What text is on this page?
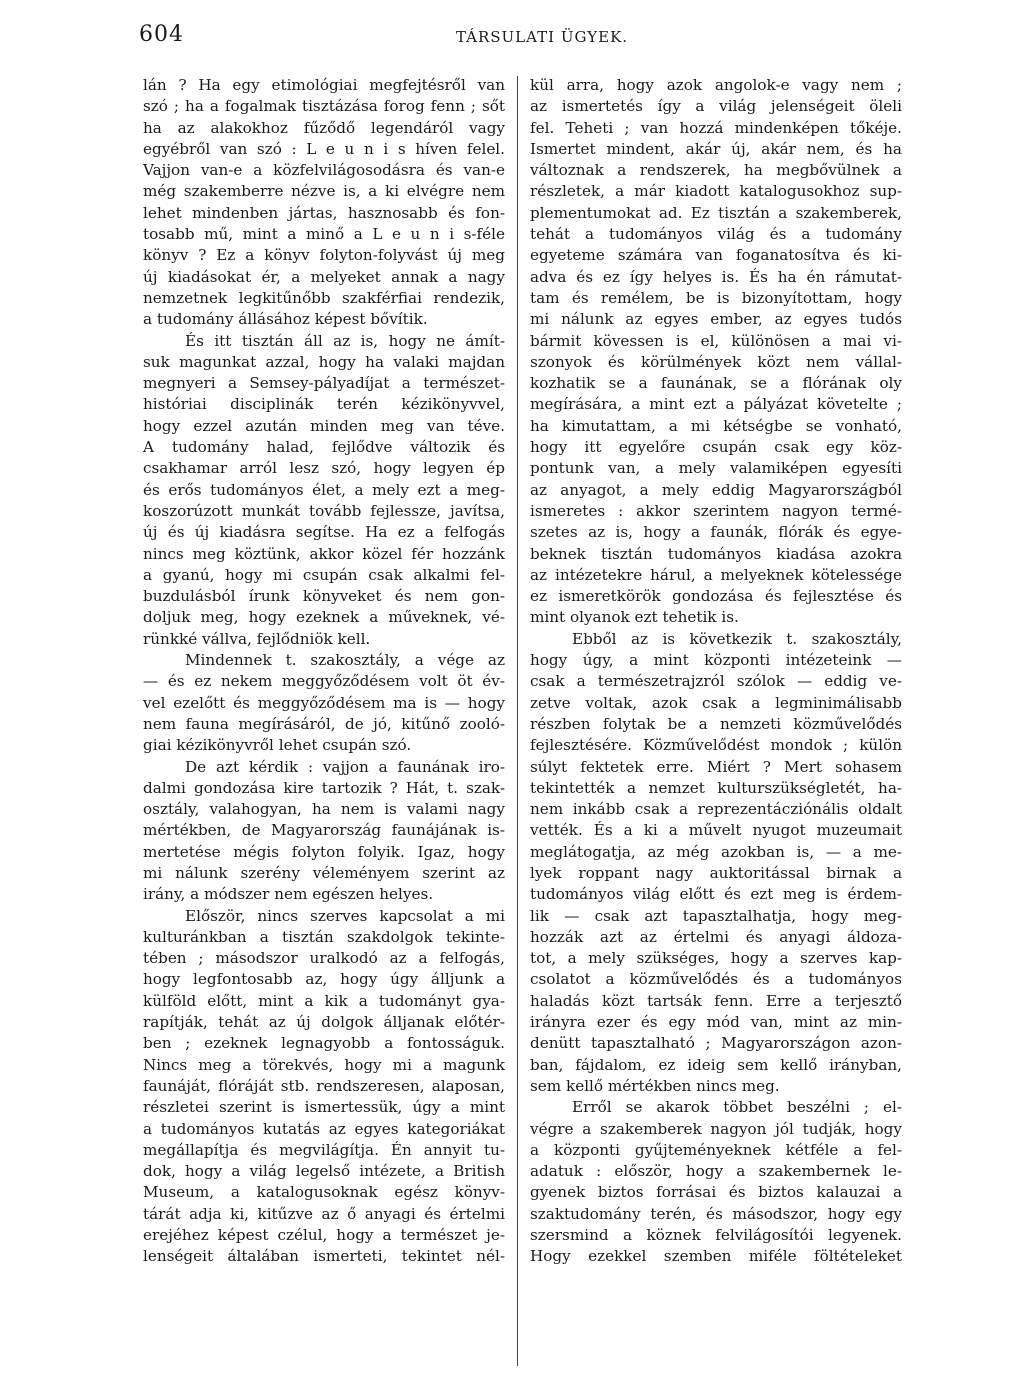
604	TÁRSULATI ÜGYEK.
lán ? Ha egy etimológiai megfejtésről van
szó ; ha a fogalmak tisztázása forog fenn ; sőt
ha az alakokhoz fűződő legendáról vagy
egyébről van szó : L e u n i s híven felel.
Vajjon van-e a közfelvilágosodásra és van-e
még szakemberre nézve is, a ki elvégre nem
lehet mindenben jártas, hasznosabb és fon-
tosabb mű, mint a minő a L e u n i s-féle
könyv ? Ez a könyv folyton-folyvást új meg
új kiadásokat ér, a melyeket annak a nagy
nemzetnek legkitűnőbb szakférfiai rendezik,
a tudomány állásához képest bővítik.
És itt tisztán áll az is, hogy ne ámít-
suk magunkat azzal, hogy ha valaki majdan
megnyeri a Semsey-pályadíjat a természet-
históriai disciplinák terén kézikönyvvel,
hogy ezzel azután minden meg van téve.
A tudomány halad, fejlődve változik és
csakhamar arról lesz szó, hogy legyen ép
és erős tudományos élet, a mely ezt a meg-
koszorúzott munkát tovább fejlessze, javítsa,
új és új kiadásra segítse. Ha ez a felfogás
nincs meg köztünk, akkor közel fér hozzánk
a gyanú, hogy mi csupán csak alkalmi fel-
buzdulásból írunk könyveket és nem gon-
doljuk meg, hogy ezeknek a műveknek, vé-
rünkké vállva, fejlődniök kell.
Mindennek t. szakosztály, a vége az
— és ez nekem meggyőződésem volt öt év-
vel ezelőtt és meggyőződésem ma is — hogy
nem fauna megírásáról, de jó, kitűnő zooló-
giai kézikönyvről lehet csupán szó.
De azt kérdik : vajjon a faunának iro-
dalmi gondozása kire tartozik ? Hát, t. szak-
osztály, valahogyan, ha nem is valami nagy
mértékben, de Magyarország faunájának is-
mertetése mégis folyton folyik. Igaz, hogy
mi nálunk szerény véleményem szerint az
irány, a módszer nem egészen helyes.
Először, nincs szerves kapcsolat a mi
kulturánkban a tisztán szakdolgok tekinte-
tében ; másodszor uralkodó az a felfogás,
hogy legfontosabb az, hogy úgy álljunk a
külföld előtt, mint a kik a tudományt gya-
rapítják, tehát az új dolgok álljanak előtér-
ben ; ezeknek legnagyobb a fontosságuk.
Nincs meg a törekvés, hogy mi a magunk
faunáját, flóráját stb. rendszeresen, alaposan,
részletei szerint is ismertessük, úgy a mint
a tudományos kutatás az egyes kategoriákat
megállapítja és megvilágítja. Én annyit tu-
dok, hogy a világ legelső intézete, a British
Museum, a katalogusoknak egész könyv-
tárát adja ki, kitűzve az ő anyagi és értelmi
erejéhez képest czélul, hogy a természet je-
lenségeit általában ismerteti, tekintet nél-
kül arra, hogy azok angolok-e vagy nem ;
az ismertetés így a világ jelenségeit öleli
fel. Teheti ; van hozzá mindenképen tőkéje.
Ismertet mindent, akár új, akár nem, és ha
változnak a rendszerek, ha megbővülnek a
részletek, a már kiadott katalogusokhoz sup-
plementumokat ad. Ez tisztán a szakemberek,
tehát a tudományos világ és a tudomány
egyeteme számára van foganatosítva és ki-
adva és ez így helyes is. És ha én rámutat-
tam és remélem, be is bizonyítottam, hogy
mi nálunk az egyes ember, az egyes tudós
bármit kövessen is el, különösen a mai vi-
szonyok és körülmények közt nem vállal-
kozhatik se a faunának, se a flórának oly
megírására, a mint ezt a pályázat követelte ;
ha kimutattam, a mi kétségbe se vonható,
hogy itt egyelőre csupán csak egy köz-
pontunk van, a mely valamiképen egyesíti
az anyagot, a mely eddig Magyarországból
ismeretes : akkor szerintem nagyon termé-
szetes az is, hogy a faunák, flórák és egye-
beknek tisztán tudományos kiadása azokra
az intézetekre hárul, a melyeknek kötelessége
ez ismeretkörök gondozása és fejlesztése és
mint olyanok ezt tehetik is.
Ebből az is következik t. szakosztály,
hogy úgy, a mint központi intézeteink —
csak a természetrajzról szólok — eddig ve-
zetve voltak, azok csak a legminimálisabb
részben folytak be a nemzeti közművelődés
fejlesztésére. Közművelődést mondok ; külön
súlyt fektetek erre. Miért ? Mert sohasem
tekintették a nemzet kulturszükségletét, ha-
nem inkább csak a reprezentácziónális oldalt
vették. És a ki a művelt nyugot muzeumait
meglátogatja, az még azokban is, — a me-
lyek roppant nagy auktoritással birnak a
tudományos világ előtt és ezt meg is érdem-
lik — csak azt tapasztalhatja, hogy meg-
hozzák azt az értelmi és anyagi áldoza-
tot, a mely szükséges, hogy a szerves kap-
csolatot a közművelődés és a tudományos
haladás közt tartsák fenn. Erre a terjesztő
irányra ezer és egy mód van, mint az min-
denütt tapasztalható ; Magyarországon azon-
ban, fájdalom, ez ideig sem kellő irányban,
sem kellő mértékben nincs meg.
Erről se akarok többet beszélni ; el-
végre a szakemberek nagyon jól tudják, hogy
a központi gyűjteményeknek kétféle a fel-
adatuk : először, hogy a szakembernek le-
gyenek biztos forrásai és biztos kalauzai a
szaktudomány terén, és másodszor, hogy egy
szersmind a köznek felvilágosítói legyenek.
Hogy ezekkel szemben miféle föltételeket
